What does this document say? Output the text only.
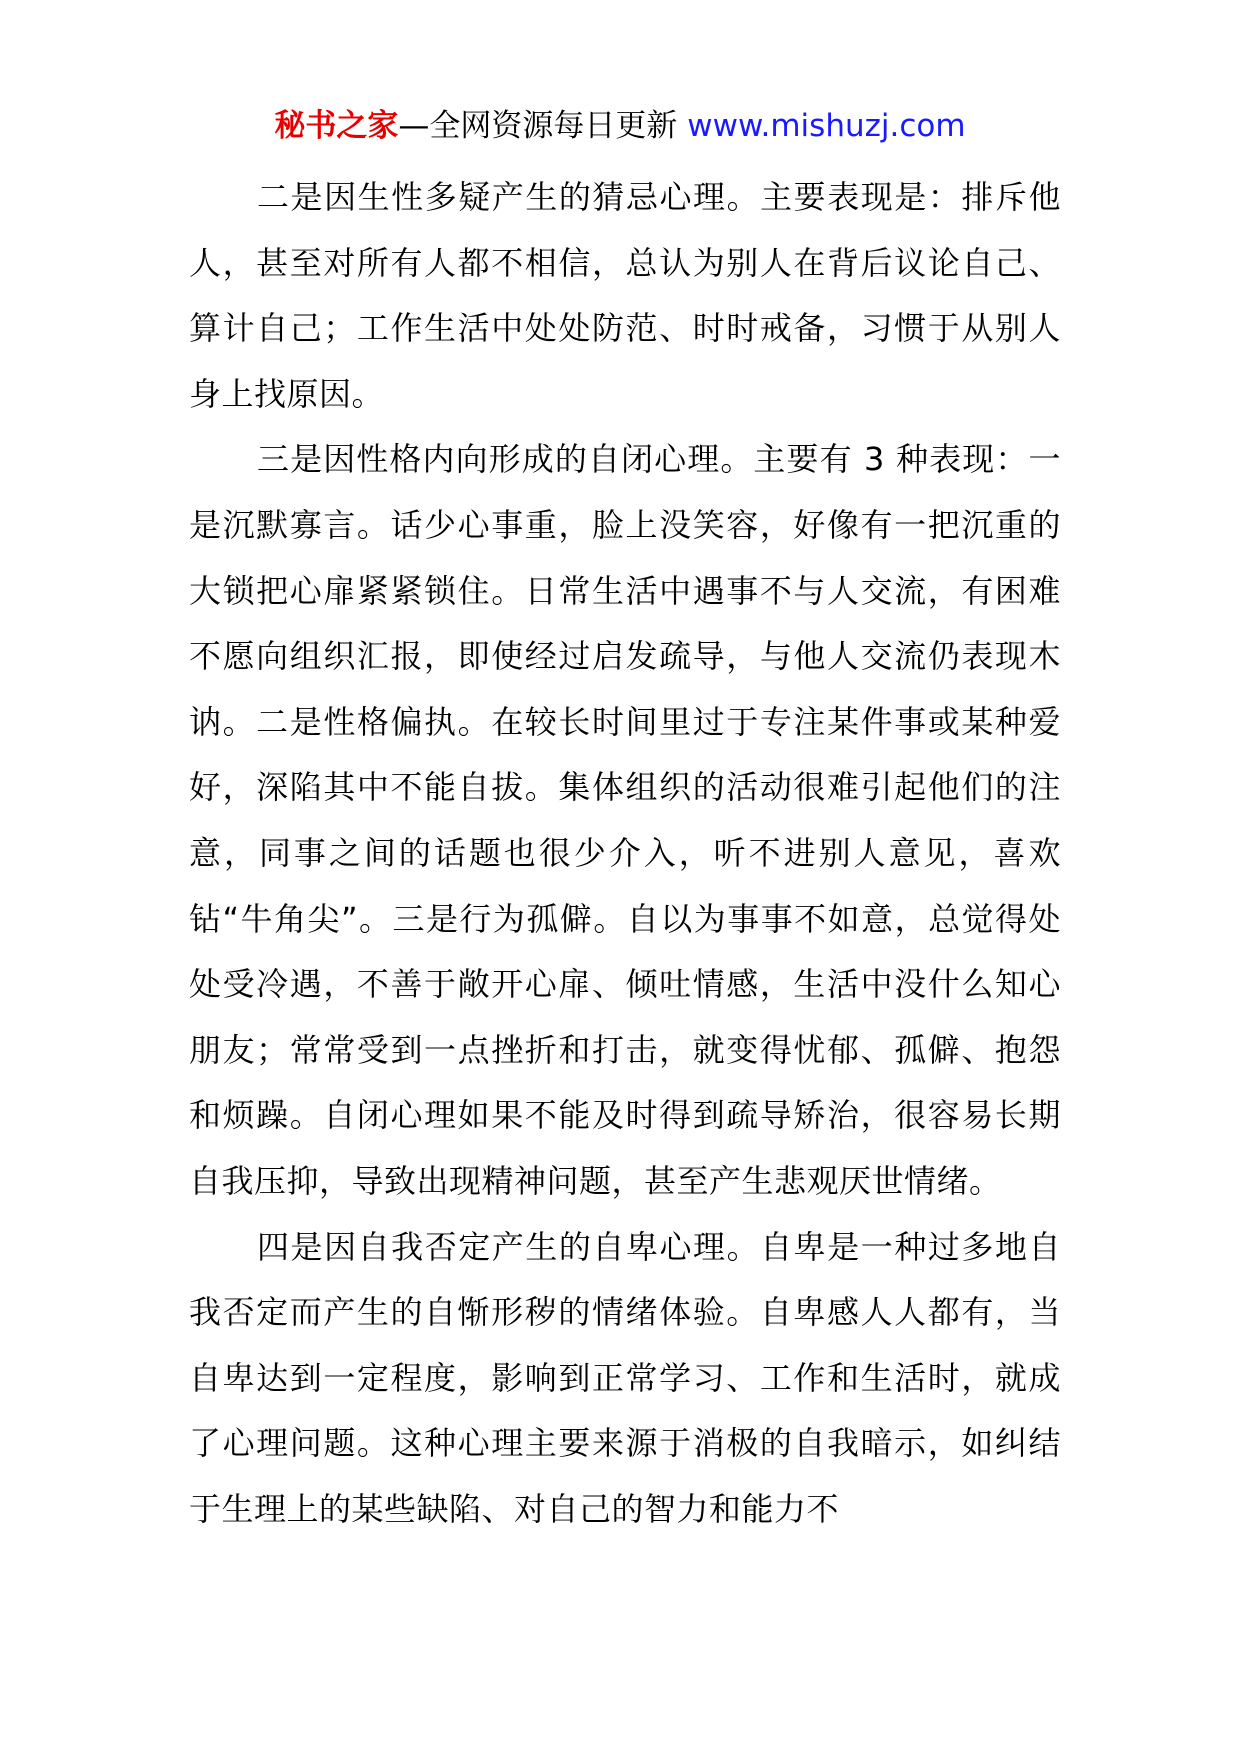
秘书之家—全网资源每日更新 www.mishuzj.com

二是因生性多疑产生的猜忌心理。主要表现是：排斥他人，甚至对所有人都不相信，总认为别人在背后议论自己、算计自己；工作生活中处处防范、时时戒备，习惯于从别人身上找原因。

三是因性格内向形成的自闭心理。主要有 3 种表现：一是沉默寡言。话少心事重，脸上没笑容，好像有一把沉重的大锁把心扉紧紧锁住。日常生活中遇事不与人交流，有困难不愿向组织汇报，即使经过启发疏导，与他人交流仍表现木讷。二是性格偏执。在较长时间里过于专注某件事或某种爱好，深陷其中不能自拔。集体组织的活动很难引起他们的注意，同事之间的话题也很少介入，听不进别人意见，喜欢钻“牛角尖”。三是行为孤僻。自以为事事不如意，总觉得处处受冷遇，不善于敞开心扉、倾吐情感，生活中没什么知心朋友；常常受到一点挫折和打击，就变得忧郁、孤僻、抱怨和烦躁。自闭心理如果不能及时得到疏导矫治，很容易长期自我压抑，导致出现精神问题，甚至产生悲观厌世情绪。

四是因自我否定产生的自卑心理。自卑是一种过多地自我否定而产生的自惭形秽的情绪体验。自卑感人人都有，当自卑达到一定程度，影响到正常学习、工作和生活时，就成了心理问题。这种心理主要来源于消极的自我暗示，如纠结于生理上的某些缺陷、对自己的智力和能力不
